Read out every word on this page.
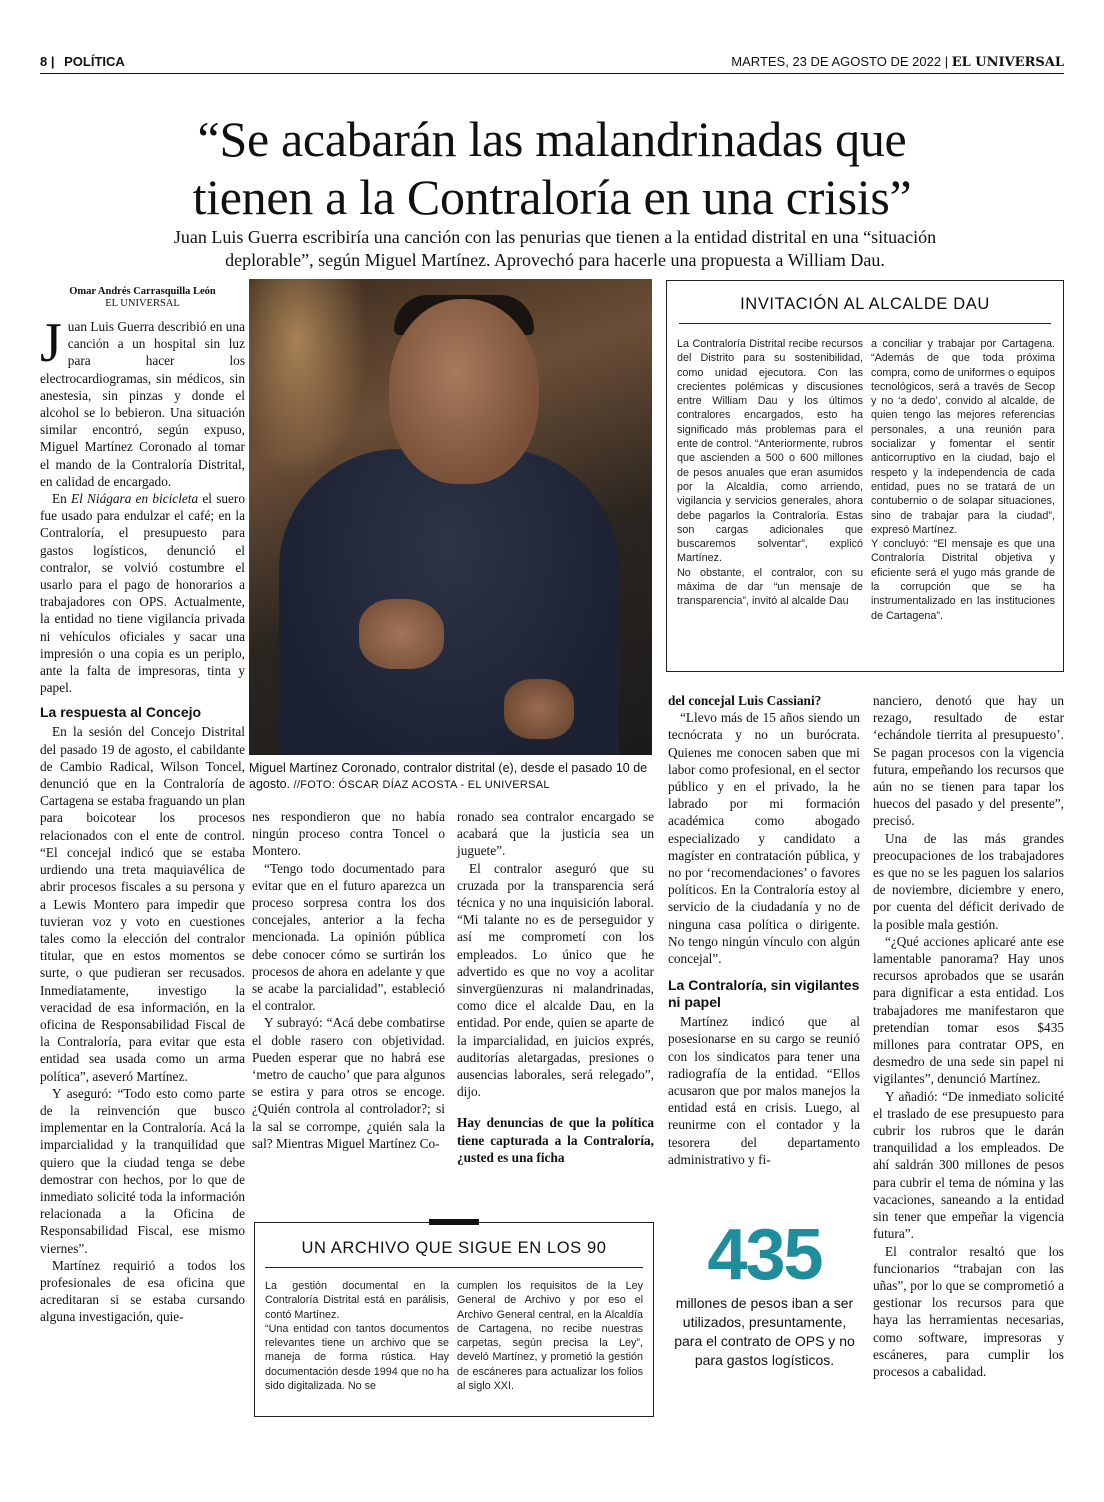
8 | POLÍTICA	MARTES, 23 DE AGOSTO DE 2022 | EL UNIVERSAL
“Se acabarán las malandrinadas que
tienen a la Contraloría en una crisis”
Juan Luis Guerra escribiría una canción con las penurias que tienen a la entidad distrital en una “situación deplorable”, según Miguel Martínez. Aprovechó para hacerle una propuesta a William Dau.
Omar Andrés Carrasquilla León
EL UNIVERSAL

Juan Luis Guerra describió en una canción a un hospital sin luz para hacer los electrocardiogramas, sin médicos, sin anestesia, sin pinzas y donde el alcohol se lo bebieron. Una situación similar encontró, según expuso, Miguel Martínez Coronado al tomar el mando de la Contraloría Distrital, en calidad de encargado.

En El Niágara en bicicleta el suero fue usado para endulzar el café; en la Contraloría, el presupuesto para gastos logísticos, denunció el contralor, se volvió costumbre el usarlo para el pago de honorarios a trabajadores con OPS. Actualmente, la entidad no tiene vigilancia privada ni vehículos oficiales y sacar una impresión o una copia es un periplo, ante la falta de impresoras, tinta y papel.

La respuesta al Concejo

En la sesión del Concejo Distrital del pasado 19 de agosto, el cabildante de Cambio Radical, Wilson Toncel, denunció que en la Contraloría de Cartagena se estaba fraguando un plan para boicotear los procesos relacionados con el ente de control. “El concejal indicó que se estaba urdiendo una treta maquiavélica de abrir procesos fiscales a su persona y a Lewis Montero para impedir que tuvieran voz y voto en cuestiones tales como la elección del contralor titular, que en estos momentos se surte, o que pudieran ser recusados. Inmediatamente, investigo la veracidad de esa información, en la oficina de Responsabilidad Fiscal de la Contraloría, para evitar que esta entidad sea usada como un arma política”, aseveró Martínez.

Y aseguró: “Todo esto como parte de la reinvención que busco implementar en la Contraloría. Acá la imparcialidad y la tranquilidad que quiero que la ciudad tenga se debe demostrar con hechos, por lo que de inmediato solicité toda la información relacionada a la Oficina de Responsabilidad Fiscal, ese mismo viernes”.

Martínez requirió a todos los profesionales de esa oficina que acreditaran si se estaba cursando alguna investigación, quie-

Miguel Martínez Coronado, contralor distrital (e), desde el pasado 10 de agosto. //FOTO: ÓSCAR DÍAZ ACOSTA - EL UNIVERSAL

nes respondieron que no había ningún proceso contra Toncel o Montero.

“Tengo todo documentado para evitar que en el futuro aparezca un proceso sorpresa contra los dos concejales, anterior a la fecha mencionada. La opinión pública debe conocer cómo se surtirán los procesos de ahora en adelante y que se acabe la parcialidad”, estableció el contralor.

Y subrayó: “Acá debe combatirse el doble rasero con objetividad. Pueden esperar que no habrá ese ‘metro de caucho’ que para algunos se estira y para otros se encoge. ¿Quién controla al controlador?; si la sal se corrompe, ¿quién sala la sal? Mientras Miguel Martínez Co-

ronado sea contralor encargado se acabará que la justicia sea un juguete”.

El contralor aseguró que su cruzada por la transparencia será técnica y no una inquisición laboral. “Mi talante no es de perseguidor y así me comprometí con los empleados. Lo único que he advertido es que no voy a acolitar sinvergüenzuras ni malandrinadas, como dice el alcalde Dau, en la entidad. Por ende, quien se aparte de la imparcialidad, en juicios exprés, auditorías aletargadas, presiones o ausencias laborales, será relegado”, dijo.

Hay denuncias de que la política tiene capturada a la Contraloría, ¿usted es una ficha

INVITACIÓN AL ALCALDE DAU

La Contraloría Distrital recibe recursos del Distrito para su sostenibilidad, como unidad ejecutora. Con las crecientes polémicas y discusiones entre William Dau y los últimos contralores encargados, esto ha significado más problemas para el ente de control. “Anteriormente, rubros que ascienden a 500 o 600 millones de pesos anuales que eran asumidos por la Alcaldía, como arriendo, vigilancia y servicios generales, ahora debe pagarlos la Contraloría. Estas son cargas adicionales que buscaremos solventar”, explicó Martínez.

No obstante, el contralor, con su máxima de dar “un mensaje de transparencia”, invitó al alcalde Dau

a conciliar y trabajar por Cartagena. “Además de que toda próxima compra, como de uniformes o equipos tecnológicos, será a través de Secop y no ‘a dedo’, convido al alcalde, de quien tengo las mejores referencias personales, a una reunión para socializar y fomentar el sentir anticorruptivo en la ciudad, bajo el respeto y la independencia de cada entidad, pues no se tratará de un contubernio o de solapar situaciones, sino de trabajar para la ciudad”, expresó Martínez.

Y concluyó: “El mensaje es que una Contraloría Distrital objetiva y eficiente será el yugo más grande de la corrupción que se ha instrumentalizado en las instituciones de Cartagena”.

del concejal Luis Cassiani?

“Llevo más de 15 años siendo un tecnócrata y no un burócrata. Quienes me conocen saben que mi labor como profesional, en el sector público y en el privado, la he labrado por mi formación académica como abogado especializado y candidato a magíster en contratación pública, y no por ‘recomendaciones’ o favores políticos. En la Contraloría estoy al servicio de la ciudadanía y no de ninguna casa política o dirigente. No tengo ningún vínculo con algún concejal”.

La Contraloría, sin vigilantes ni papel

Martínez indicó que al posesionarse en su cargo se reunió con los sindicatos para tener una radiografía de la entidad. “Ellos acusaron que por malos manejos la entidad está en crisis. Luego, al reunirme con el contador y la tesorera del departamento administrativo y fi-

nanciero, denotó que hay un rezago, resultado de estar ‘echándole tierrita al presupuesto’. Se pagan procesos con la vigencia futura, empeñando los recursos que aún no se tienen para tapar los huecos del pasado y del presente”, precisó.

Una de las más grandes preocupaciones de los trabajadores es que no se les paguen los salarios de noviembre, diciembre y enero, por cuenta del déficit derivado de la posible mala gestión.

“¿Qué acciones aplicaré ante ese lamentable panorama? Hay unos recursos aprobados que se usarán para dignificar a esta entidad. Los trabajadores me manifestaron que pretendían tomar esos $435 millones para contratar OPS, en desmedro de una sede sin papel ni vigilantes”, denunció Martínez.

Y añadió: “De inmediato solicité el traslado de ese presupuesto para cubrir los rubros que le darán tranquilidad a los empleados. De ahí saldrán 300 millones de pesos para cubrir el tema de nómina y las vacaciones, saneando a la entidad sin tener que empeñar la vigencia futura”.

El contralor resaltó que los funcionarios “trabajan con las uñas”, por lo que se comprometió a gestionar los recursos para que haya las herramientas necesarias, como software, impresoras y escáneres, para cumplir los procesos a cabalidad.

UN ARCHIVO QUE SIGUE EN LOS 90

La gestión documental en la Contraloría Distrital está en parálisis, contó Martínez.

“Una entidad con tantos documentos relevantes tiene un archivo que se maneja de forma rústica. Hay documentación desde 1994 que no ha sido digitalizada. No se

cumplen los requisitos de la Ley General de Archivo y por eso el Archivo General central, en la Alcaldía de Cartagena, no recibe nuestras carpetas, según precisa la Ley”, develó Martínez, y prometió la gestión de escáneres para actualizar los folios al siglo XXI.

435
millones de pesos iban a ser utilizados, presuntamente, para el contrato de OPS y no para gastos logísticos.
